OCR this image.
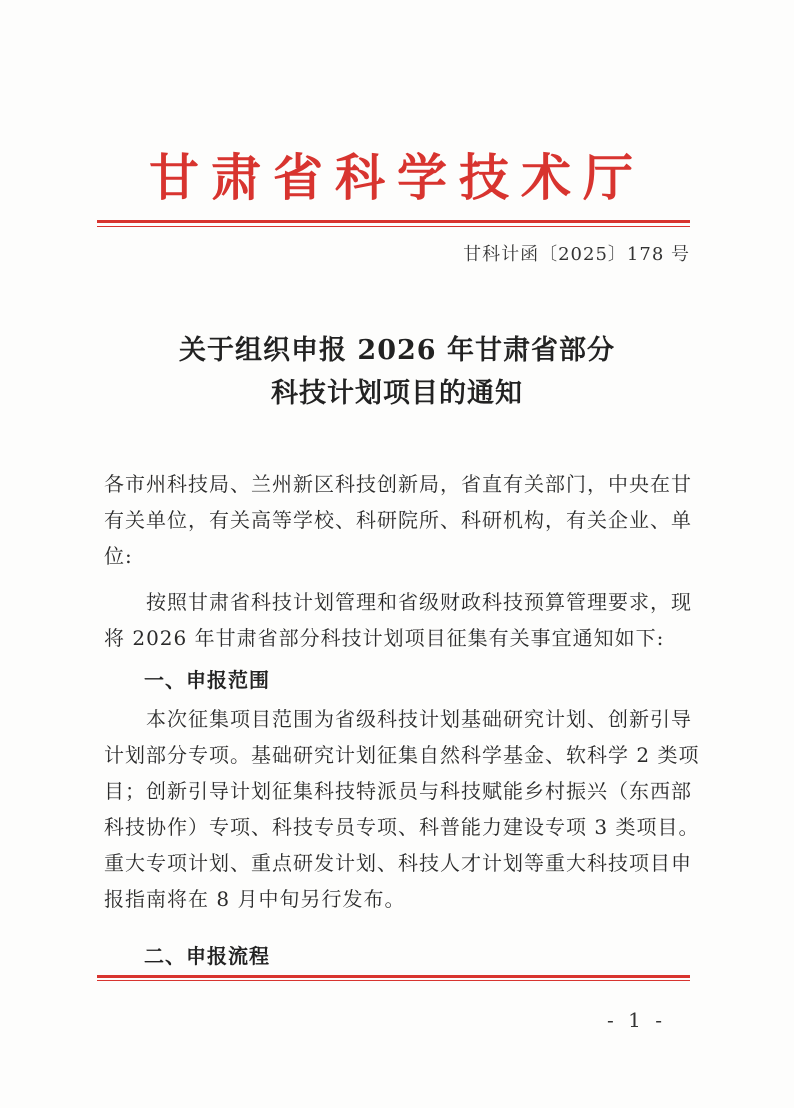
甘肃省科学技术厅
甘科计函〔2025〕178 号
关于组织申报 2026 年甘肃省部分
科技计划项目的通知
各市州科技局、兰州新区科技创新局，省直有关部门，中央在甘
有关单位，有关高等学校、科研院所、科研机构，有关企业、单
位:
　　按照甘肃省科技计划管理和省级财政科技预算管理要求，现
将 2026 年甘肃省部分科技计划项目征集有关事宜通知如下:
一、申报范围
　　本次征集项目范围为省级科技计划基础研究计划、创新引导
计划部分专项。基础研究计划征集自然科学基金、软科学 2 类项
目；创新引导计划征集科技特派员与科技赋能乡村振兴（东西部
科技协作）专项、科技专员专项、科普能力建设专项 3 类项目。
重大专项计划、重点研发计划、科技人才计划等重大科技项目申
报指南将在 8 月中旬另行发布。
二、申报流程
- 1 -
